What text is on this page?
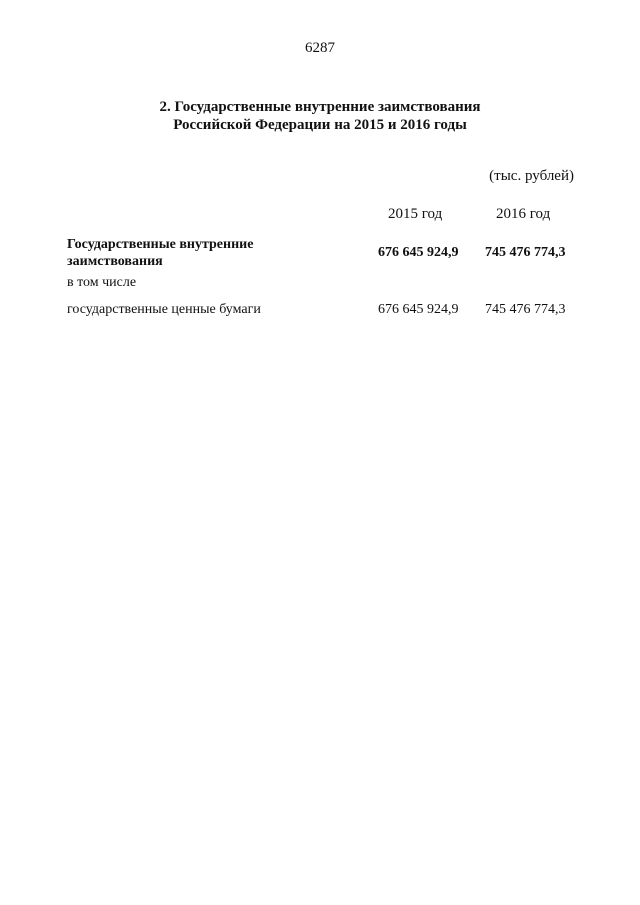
6287
2. Государственные внутренние заимствования
Российской Федерации на 2015 и 2016 годы
(тыс. рублей)
2015 год	2016 год
Государственные внутренние
заимствования
676 645 924,9 745 476 774,3
в том числе
государственные ценные бумаги	676 645 924,9 745 476 774,3
